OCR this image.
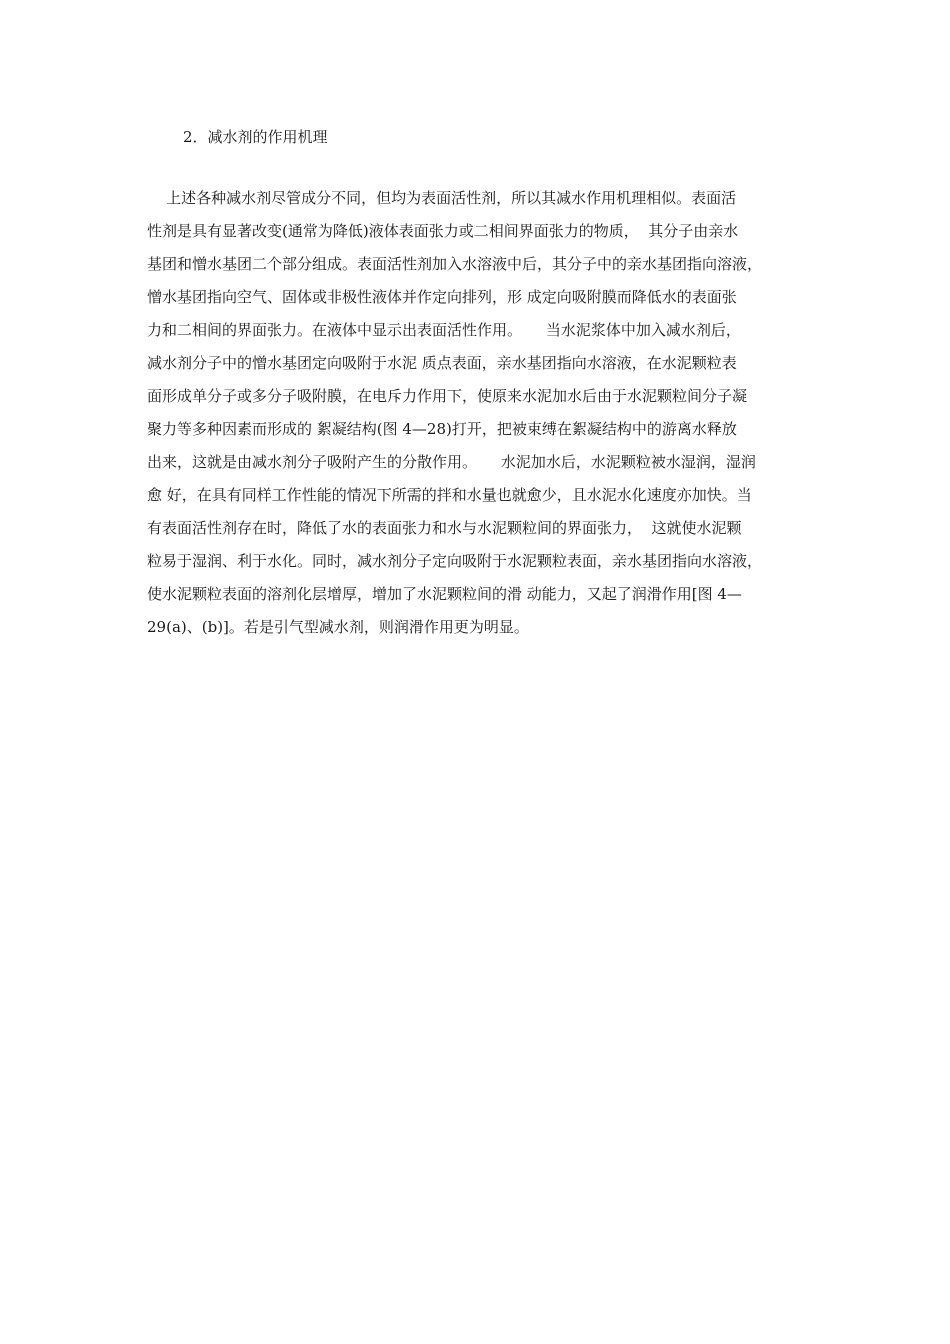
2．减水剂的作用机理
上述各种减水剂尽管成分不同，但均为表面活性剂，所以其减水作用机理相似。表面活
性剂是具有显著改变(通常为降低)液体表面张力或二相间界面张力的物质，  其分子由亲水
基团和憎水基团二个部分组成。表面活性剂加入水溶液中后，其分子中的亲水基团指向溶液，
憎水基团指向空气、固体或非极性液体并作定向排列，形 成定向吸附膜而降低水的表面张
力和二相间的界面张力。在液体中显示出表面活性作用。     当水泥浆体中加入减水剂后，
减水剂分子中的憎水基团定向吸附于水泥 质点表面，亲水基团指向水溶液，在水泥颗粒表
面形成单分子或多分子吸附膜，在电斥力作用下，使原来水泥加水后由于水泥颗粒间分子凝
聚力等多种因素而形成的 絮凝结构(图 4—28)打开，把被束缚在絮凝结构中的游离水释放
出来，这就是由减水剂分子吸附产生的分散作用。     水泥加水后，水泥颗粒被水湿润，湿润
愈 好，在具有同样工作性能的情况下所需的拌和水量也就愈少，且水泥水化速度亦加快。当
有表面活性剂存在时，降低了水的表面张力和水与水泥颗粒间的界面张力，  这就使水泥颗
粒易于湿润、利于水化。同时，减水剂分子定向吸附于水泥颗粒表面，亲水基团指向水溶液，
使水泥颗粒表面的溶剂化层增厚，增加了水泥颗粒间的滑 动能力，又起了润滑作用[图 4—
29(a)、(b)]。若是引气型减水剂，则润滑作用更为明显。
